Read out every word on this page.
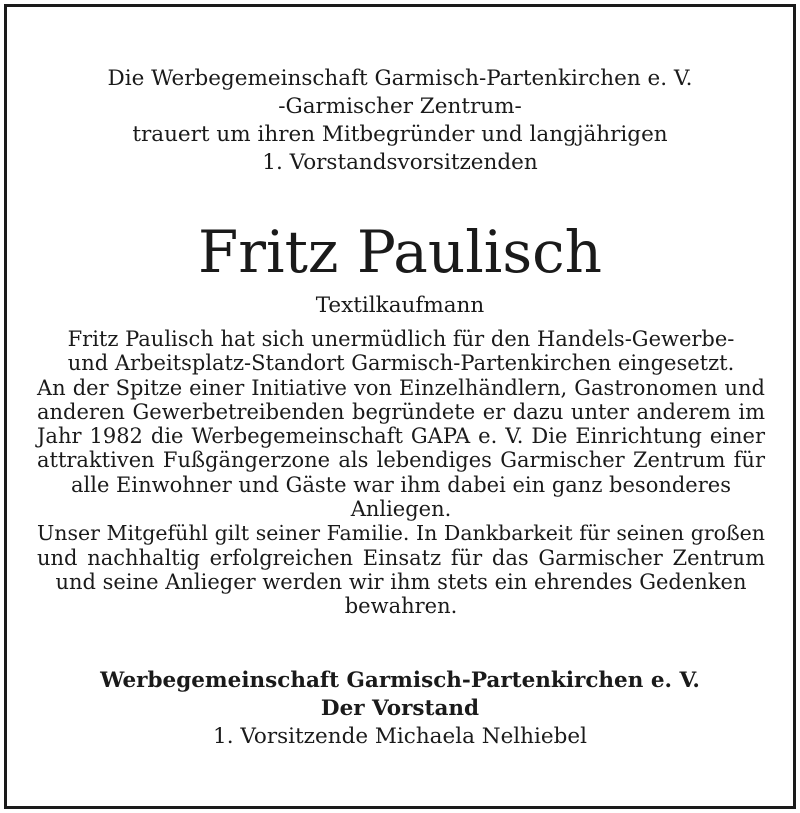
Die Werbegemeinschaft Garmisch-Partenkirchen e. V.
-Garmischer Zentrum-
trauert um ihren Mitbegründer und langjährigen
1. Vorstandsvorsitzenden
Fritz Paulisch
Textilkaufmann
Fritz Paulisch hat sich unermüdlich für den Handels-Gewerbe-
und Arbeitsplatz-Standort Garmisch-Partenkirchen eingesetzt.
An der Spitze einer Initiative von Einzelhändlern, Gastronomen und
anderen Gewerbetreibenden begründete er dazu unter anderem im
Jahr 1982 die Werbegemeinschaft GAPA e. V. Die Einrichtung einer
attraktiven Fußgängerzone als lebendiges Garmischer Zentrum für
alle Einwohner und Gäste war ihm dabei ein ganz besonderes
Anliegen.
Unser Mitgefühl gilt seiner Familie. In Dankbarkeit für seinen großen
und nachhaltig erfolgreichen Einsatz für das Garmischer Zentrum
und seine Anlieger werden wir ihm stets ein ehrendes Gedenken
bewahren.
Werbegemeinschaft Garmisch-Partenkirchen e. V.
Der Vorstand
1. Vorsitzende Michaela Nelhiebel
